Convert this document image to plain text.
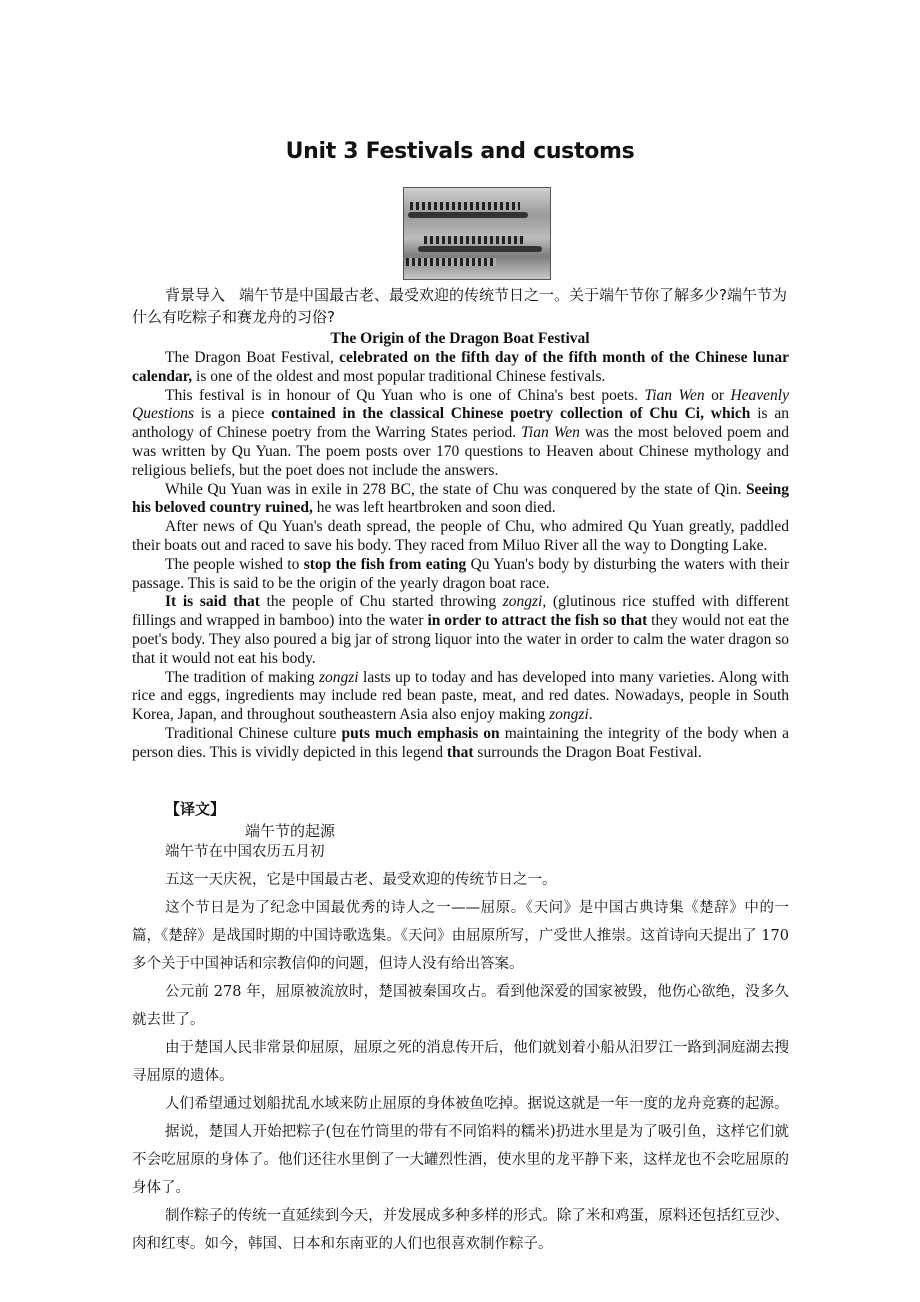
Unit 3 Festivals and customs
背景导入 端午节是中国最古老、最受欢迎的传统节日之一。关于端午节你了解多少?端午节为什么有吃粽子和赛龙舟的习俗?
The Origin of the Dragon Boat Festival

The Dragon Boat Festival, celebrated on the fifth day of the fifth month of the Chinese lunar calendar, is one of the oldest and most popular traditional Chinese festivals.

This festival is in honour of Qu Yuan who is one of China's best poets. Tian Wen or Heavenly Questions is a piece contained in the classical Chinese poetry collection of Chu Ci, which is an anthology of Chinese poetry from the Warring States period. Tian Wen was the most beloved poem and was written by Qu Yuan. The poem posts over 170 questions to Heaven about Chinese mythology and religious beliefs, but the poet does not include the answers.

While Qu Yuan was in exile in 278 BC, the state of Chu was conquered by the state of Qin. Seeing his beloved country ruined, he was left heartbroken and soon died.

After news of Qu Yuan's death spread, the people of Chu, who admired Qu Yuan greatly, paddled their boats out and raced to save his body. They raced from Miluo River all the way to Dongting Lake.

The people wished to stop the fish from eating Qu Yuan's body by disturbing the waters with their passage. This is said to be the origin of the yearly dragon boat race.

It is said that the people of Chu started throwing zongzi, (glutinous rice stuffed with different fillings and wrapped in bamboo) into the water in order to attract the fish so that they would not eat the poet's body. They also poured a big jar of strong liquor into the water in order to calm the water dragon so that it would not eat his body.

The tradition of making zongzi lasts up to today and has developed into many varieties. Along with rice and eggs, ingredients may include red bean paste, meat, and red dates. Nowadays, people in South Korea, Japan, and throughout southeastern Asia also enjoy making zongzi.

Traditional Chinese culture puts much emphasis on maintaining the integrity of the body when a person dies. This is vividly depicted in this legend that surrounds the Dragon Boat Festival.

【译文】
端午节的起源

端午节在中国农历五月初

五这一天庆祝，它是中国最古老、最受欢迎的传统节日之一。

这个节日是为了纪念中国最优秀的诗人之一——屈原。《天问》是中国古典诗集《楚辞》中的一篇，《楚辞》是战国时期的中国诗歌选集。《天问》由屈原所写，广受世人推崇。这首诗向天提出了 170 多个关于中国神话和宗教信仰的问题，但诗人没有给出答案。

公元前 278 年，屈原被流放时，楚国被秦国攻占。看到他深爱的国家被毁，他伤心欲绝，没多久就去世了。

由于楚国人民非常景仰屈原，屈原之死的消息传开后，他们就划着小船从汨罗江一路到洞庭湖去搜寻屈原的遗体。

人们希望通过划船扰乱水域来防止屈原的身体被鱼吃掉。据说这就是一年一度的龙舟竞赛的起源。

据说，楚国人开始把粽子(包在竹筒里的带有不同馅料的糯米)扔进水里是为了吸引鱼，这样它们就不会吃屈原的身体了。他们还往水里倒了一大罐烈性酒，使水里的龙平静下来，这样龙也不会吃屈原的身体了。

制作粽子的传统一直延续到今天，并发展成多种多样的形式。除了米和鸡蛋，原料还包括红豆沙、肉和红枣。如今，韩国、日本和东南亚的人们也很喜欢制作粽子。
